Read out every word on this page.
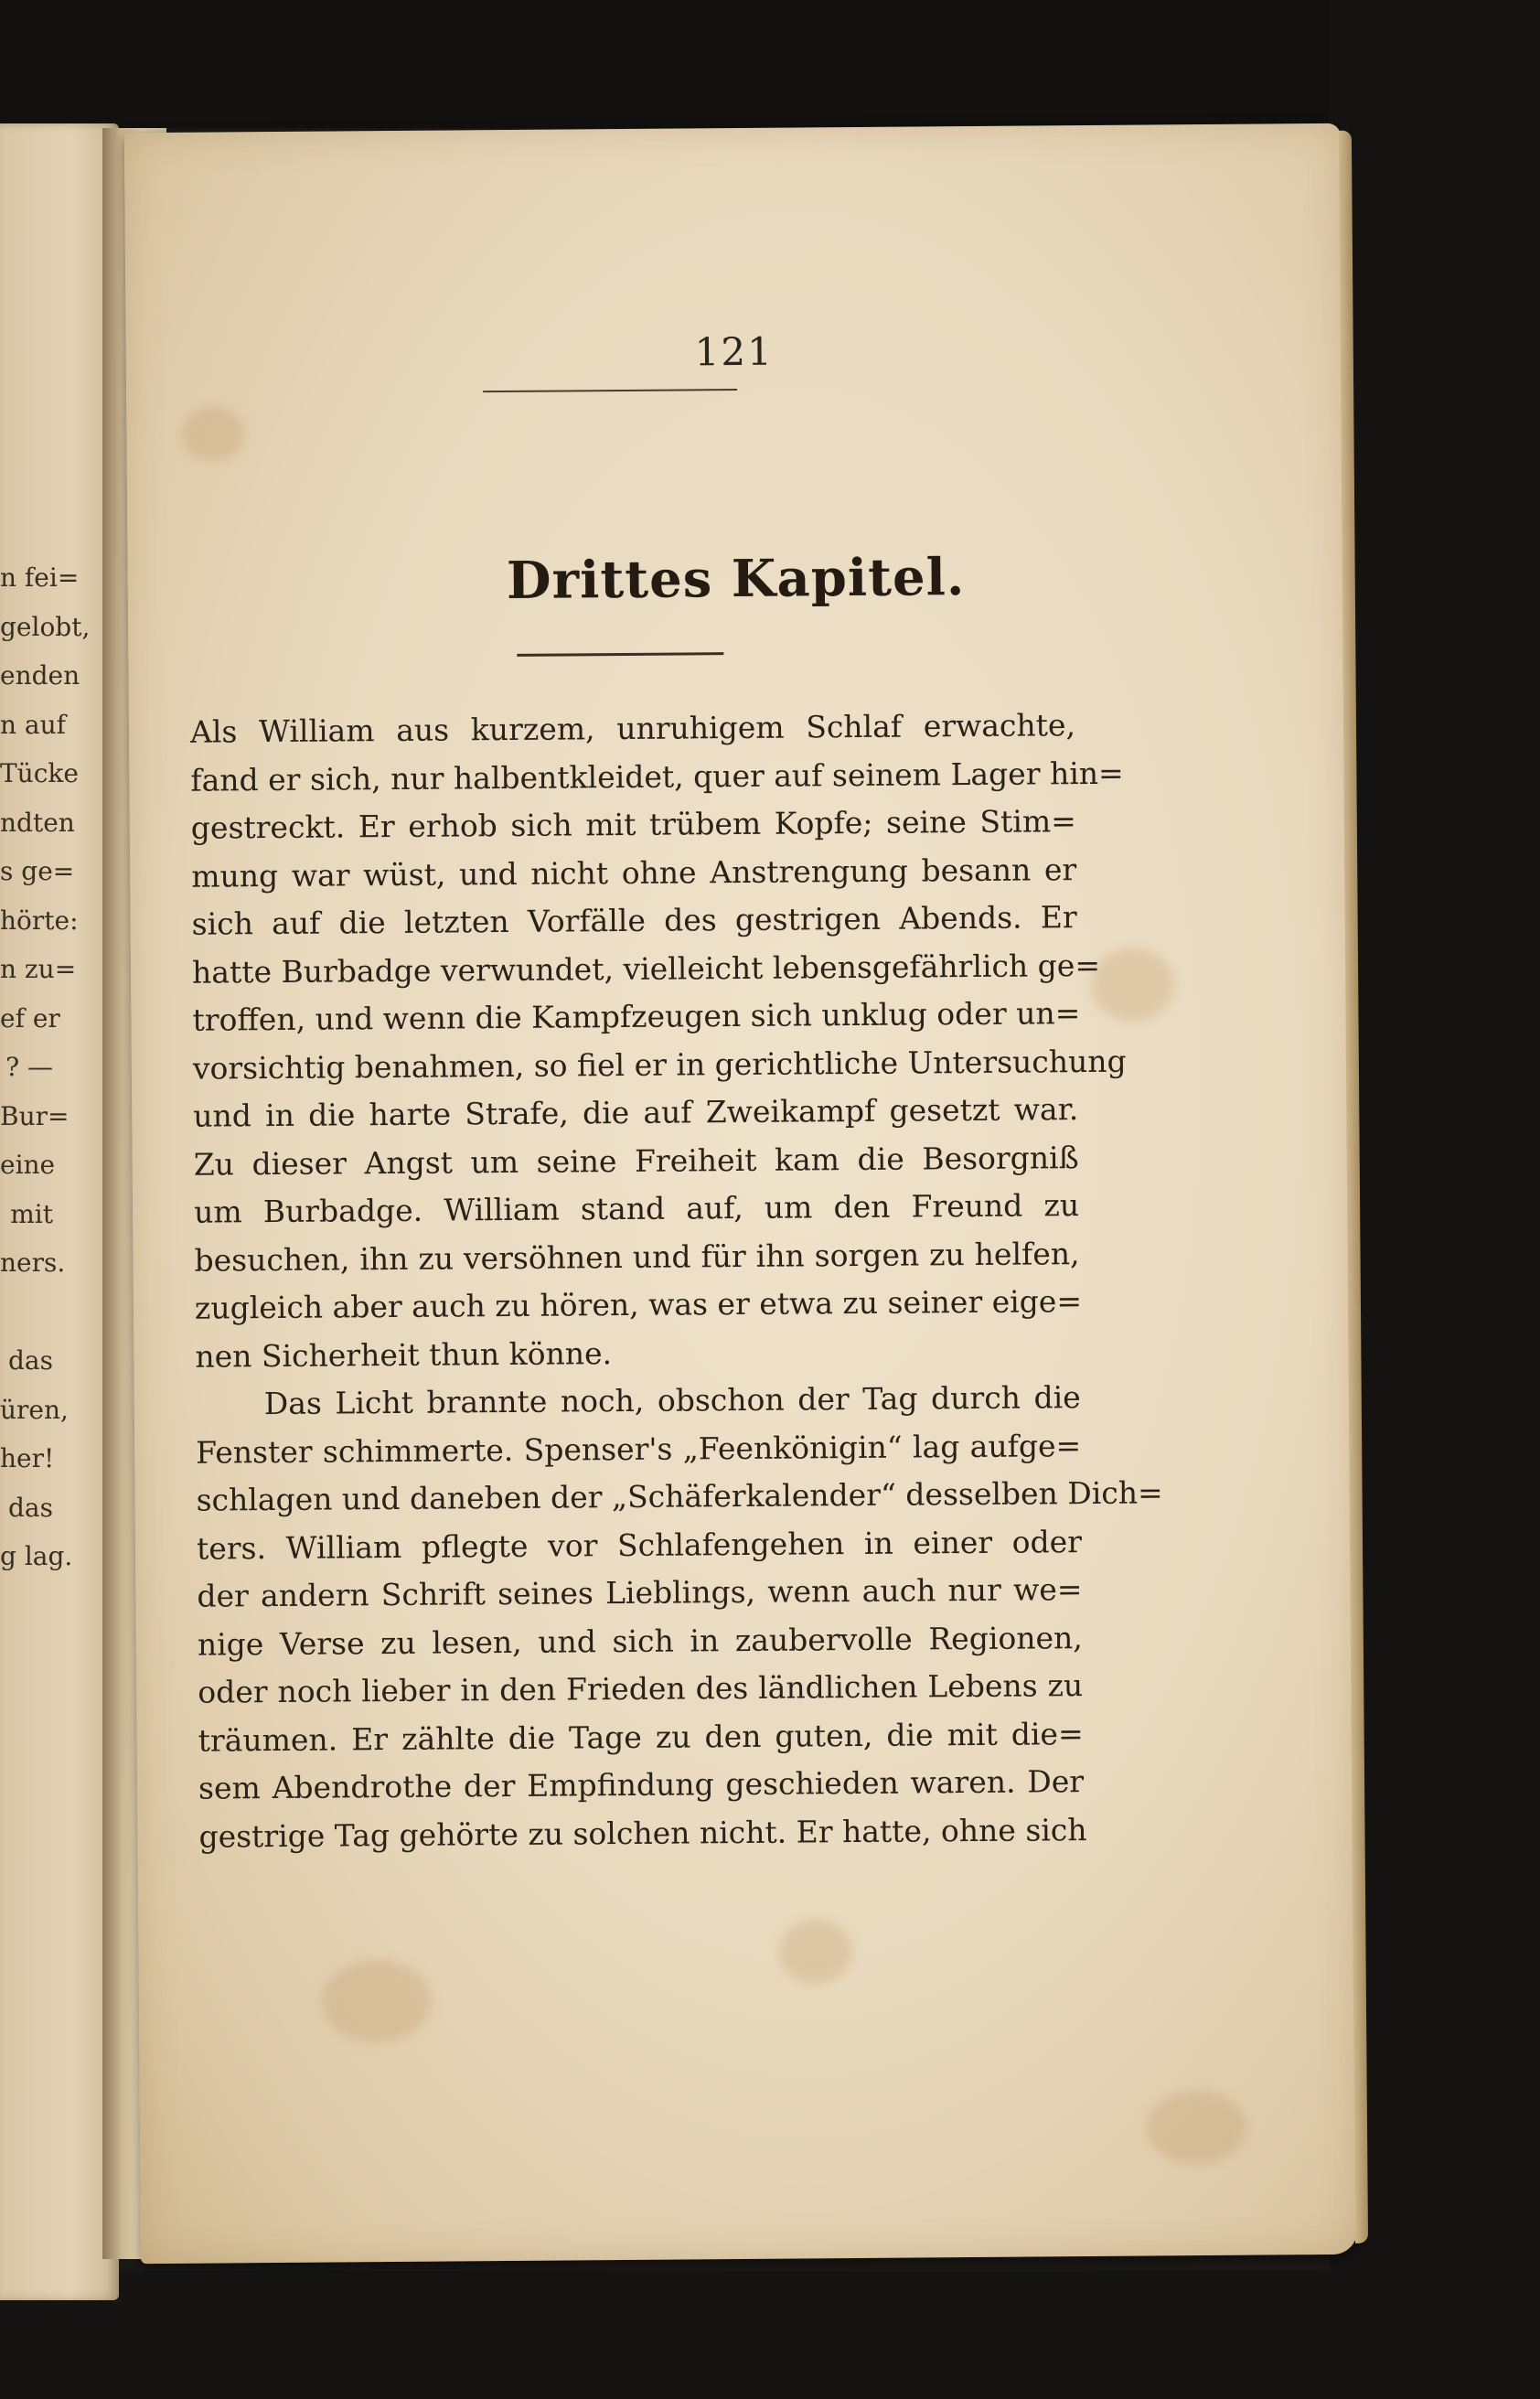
n fei=
gelobt,
enden
n auf
Tücke
ndten
s ge=
hörte:
n zu=
ef er
? —
Bur=
eine
mit
ners.
das
üren,
her!
das
g lag.
121
Drittes Kapitel.
Als William aus kurzem, unruhigem Schlaf erwachte,
fand er sich, nur halbentkleidet, quer auf seinem Lager hin=
gestreckt. Er erhob sich mit trübem Kopfe; seine Stim=
mung war wüst, und nicht ohne Anstrengung besann er
sich auf die letzten Vorfälle des gestrigen Abends. Er
hatte Burbadge verwundet, vielleicht lebensgefährlich ge=
troffen, und wenn die Kampfzeugen sich unklug oder un=
vorsichtig benahmen, so fiel er in gerichtliche Untersuchung
und in die harte Strafe, die auf Zweikampf gesetzt war.
Zu dieser Angst um seine Freiheit kam die Besorgniß
um Burbadge. William stand auf, um den Freund zu
besuchen, ihn zu versöhnen und für ihn sorgen zu helfen,
zugleich aber auch zu hören, was er etwa zu seiner eige=
nen Sicherheit thun könne.
Das Licht brannte noch, obschon der Tag durch die
Fenster schimmerte. Spenser's „Feenkönigin“ lag aufge=
schlagen und daneben der „Schäferkalender“ desselben Dich=
ters. William pflegte vor Schlafengehen in einer oder
der andern Schrift seines Lieblings, wenn auch nur we=
nige Verse zu lesen, und sich in zaubervolle Regionen,
oder noch lieber in den Frieden des ländlichen Lebens zu
träumen. Er zählte die Tage zu den guten, die mit die=
sem Abendrothe der Empfindung geschieden waren. Der
gestrige Tag gehörte zu solchen nicht. Er hatte, ohne sich
